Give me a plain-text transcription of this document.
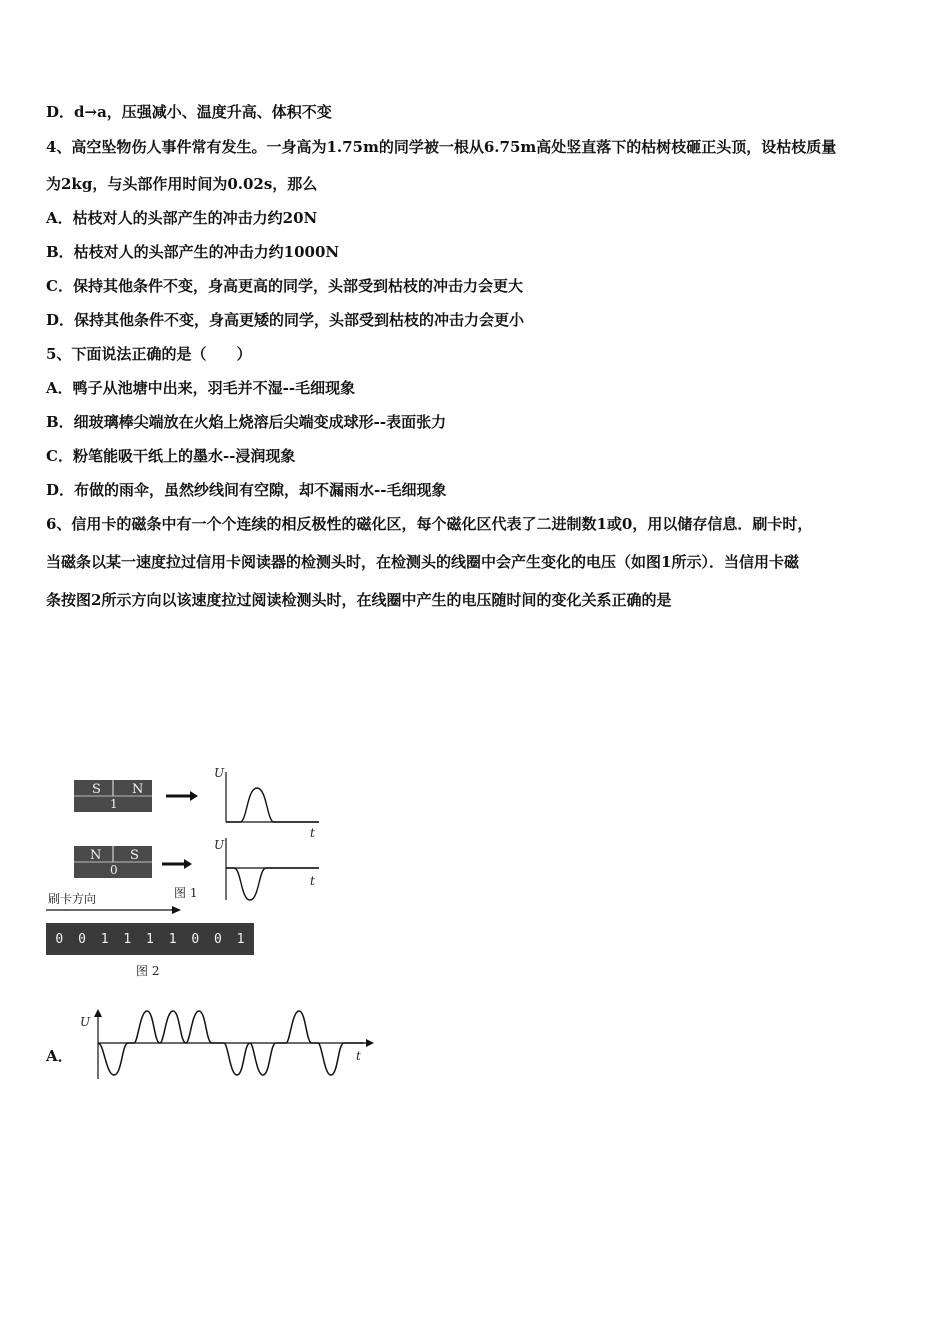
D．d→a，压强减小、温度升高、体积不变
4、高空坠物伤人事件常有发生。一身高为1.75m的同学被一根从6.75m高处竖直落下的枯树枝砸正头顶，设枯枝质量
为2kg，与头部作用时间为0.02s，那么
A．枯枝对人的头部产生的冲击力约20N
B．枯枝对人的头部产生的冲击力约1000N
C．保持其他条件不变，身高更高的同学，头部受到枯枝的冲击力会更大
D．保持其他条件不变，身高更矮的同学，头部受到枯枝的冲击力会更小
5、下面说法正确的是（　　）
A．鸭子从池塘中出来，羽毛并不湿--毛细现象
B．细玻璃棒尖端放在火焰上烧溶后尖端变成球形--表面张力
C．粉笔能吸干纸上的墨水--浸润现象
D．布做的雨伞，虽然纱线间有空隙，却不漏雨水--毛细现象
6、信用卡的磁条中有一个个连续的相反极性的磁化区，每个磁化区代表了二进制数1或0，用以储存信息．刷卡时，
当磁条以某一速度拉过信用卡阅读器的检测头时，在检测头的线圈中会产生变化的电压（如图1所示）．当信用卡磁
条按图2所示方向以该速度拉过阅读检测头时，在线圈中产生的电压随时间的变化关系正确的是
S N
1
U
t
N S
0
U
t
图 1
刷卡方向
0 0 1 1 1 1 0 0 1
图 2
A．
U
t
